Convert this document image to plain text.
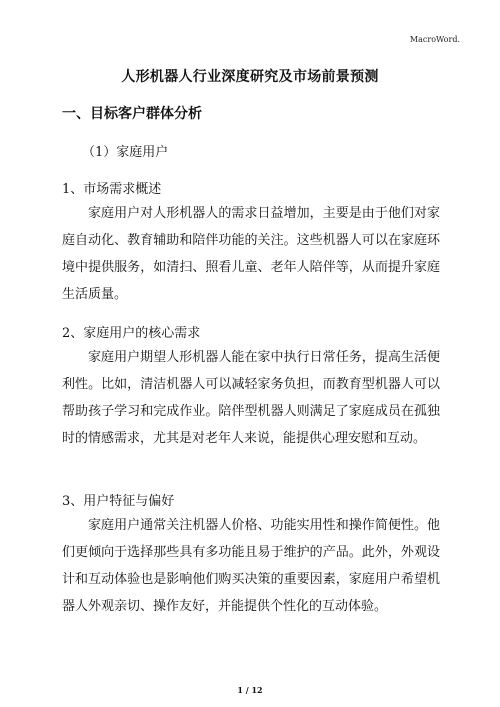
MacroWord.
人形机器人行业深度研究及市场前景预测
一、目标客户群体分析
（1）家庭用户
1、市场需求概述

家庭用户对人形机器人的需求日益增加，主要是由于他们对家庭自动化、教育辅助和陪伴功能的关注。这些机器人可以在家庭环境中提供服务，如清扫、照看儿童、老年人陪伴等，从而提升家庭生活质量。

2、家庭用户的核心需求

家庭用户期望人形机器人能在家中执行日常任务，提高生活便利性。比如，清洁机器人可以减轻家务负担，而教育型机器人可以帮助孩子学习和完成作业。陪伴型机器人则满足了家庭成员在孤独时的情感需求，尤其是对老年人来说，能提供心理安慰和互动。

3、用户特征与偏好

家庭用户通常关注机器人价格、功能实用性和操作简便性。他们更倾向于选择那些具有多功能且易于维护的产品。此外，外观设计和互动体验也是影响他们购买决策的重要因素，家庭用户希望机器人外观亲切、操作友好，并能提供个性化的互动体验。

1 / 12
